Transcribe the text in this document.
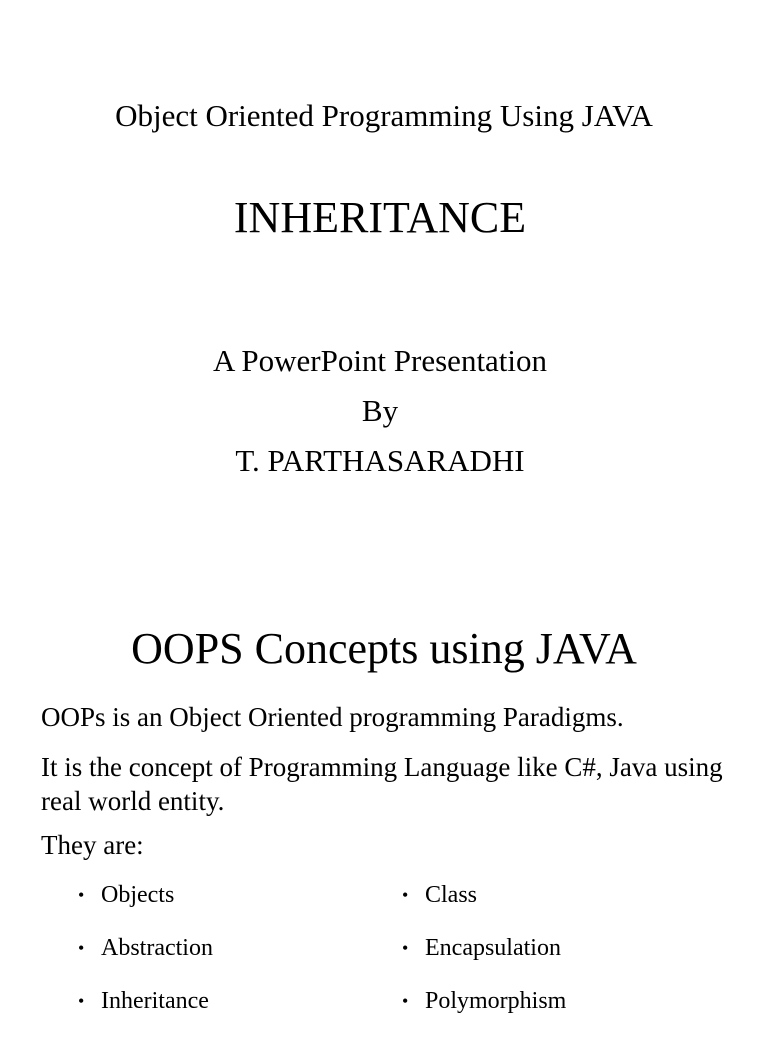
Object Oriented Programming Using JAVA
INHERITANCE
A PowerPoint Presentation
By
T. PARTHASARADHI
OOPS Concepts using JAVA
OOPs is an Object Oriented programming Paradigms.
It is the concept of Programming Language like C#, Java using real world entity.
They are:
• Objects
• Abstraction
• Inheritance
• Class
• Encapsulation
• Polymorphism
